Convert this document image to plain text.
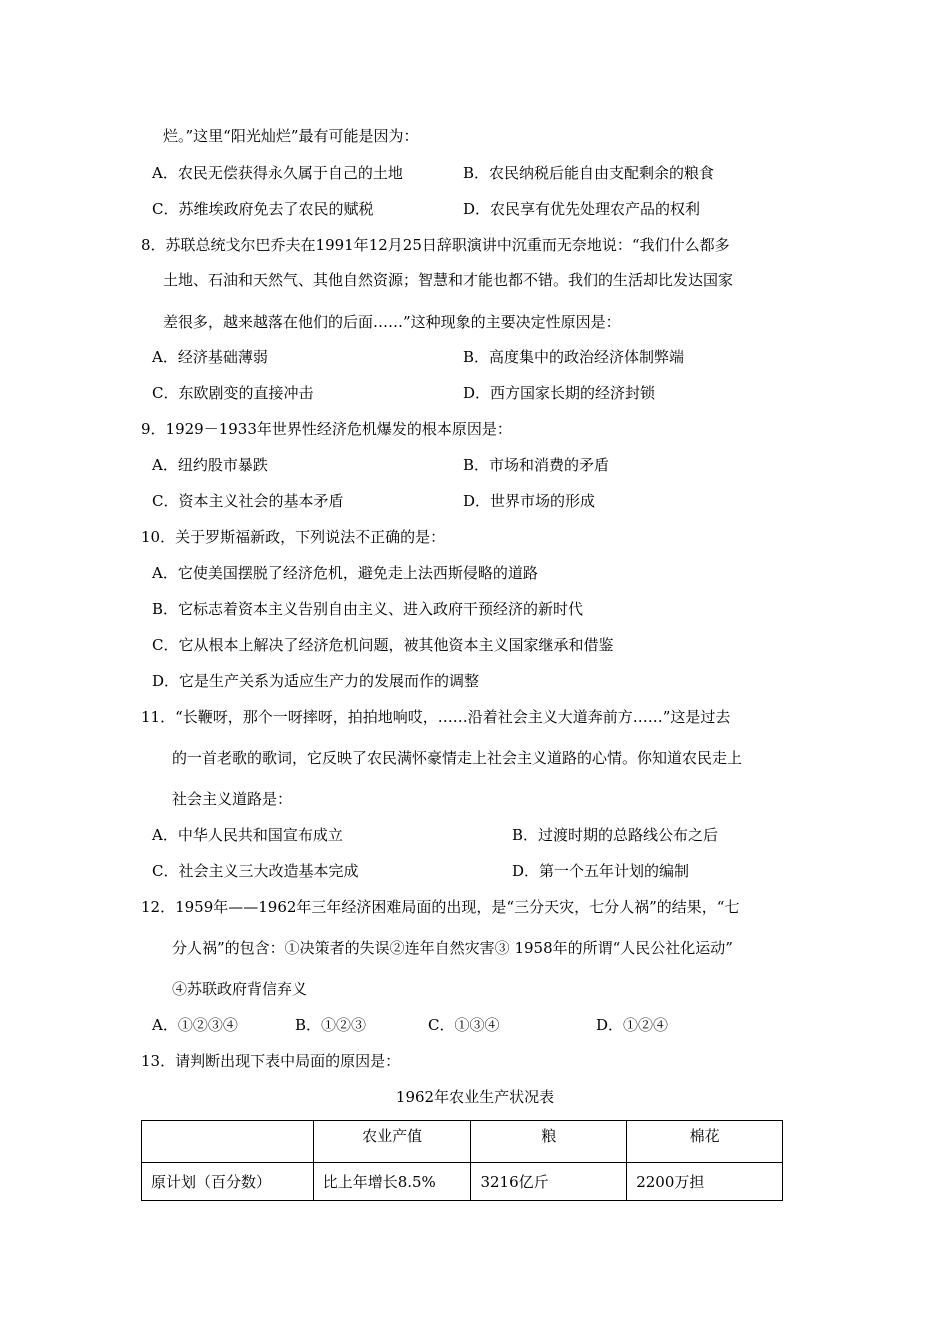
烂。”这里“阳光灿烂”最有可能是因为：
A．农民无偿获得永久属于自己的土地	B．农民纳税后能自由支配剩余的粮食
C．苏维埃政府免去了农民的赋税	D．农民享有优先处理农产品的权利
8．苏联总统戈尔巴乔夫在1991年12月25日辞职演讲中沉重而无奈地说：“我们什么都多
土地、石油和天然气、其他自然资源；智慧和才能也都不错。我们的生活却比发达国家
差很多，越来越落在他们的后面……”这种现象的主要决定性原因是：
A．经济基础薄弱	B．高度集中的政治经济体制弊端
C．东欧剧变的直接冲击	D．西方国家长期的经济封锁
9．1929－1933年世界性经济危机爆发的根本原因是：
A．纽约股市暴跌	B．市场和消费的矛盾
C．资本主义社会的基本矛盾	D．世界市场的形成
10．关于罗斯福新政，下列说法不正确的是：
A．它使美国摆脱了经济危机，避免走上法西斯侵略的道路
B．它标志着资本主义告别自由主义、进入政府干预经济的新时代
C．它从根本上解决了经济危机问题，被其他资本主义国家继承和借鉴
D．它是生产关系为适应生产力的发展而作的调整
11．“长鞭呀，那个一呀摔呀，拍拍地响哎，……沿着社会主义大道奔前方……”这是过去
的一首老歌的歌词，它反映了农民满怀豪情走上社会主义道路的心情。你知道农民走上
社会主义道路是：
A．中华人民共和国宣布成立	B．过渡时期的总路线公布之后
C．社会主义三大改造基本完成	D．第一个五年计划的编制
12．1959年——1962年三年经济困难局面的出现，是“三分天灾，七分人祸”的结果，“七
分人祸”的包含：①决策者的失误②连年自然灾害③ 1958年的所谓“人民公社化运动”
④苏联政府背信弃义
A．①②③④	B．①②③	C．①③④	D．①②④
13．请判断出现下表中局面的原因是：
1962年农业生产状况表
	农业产值	粮	棉花
原计划（百分数）	比上年增长8.5%	3216亿斤	2200万担
